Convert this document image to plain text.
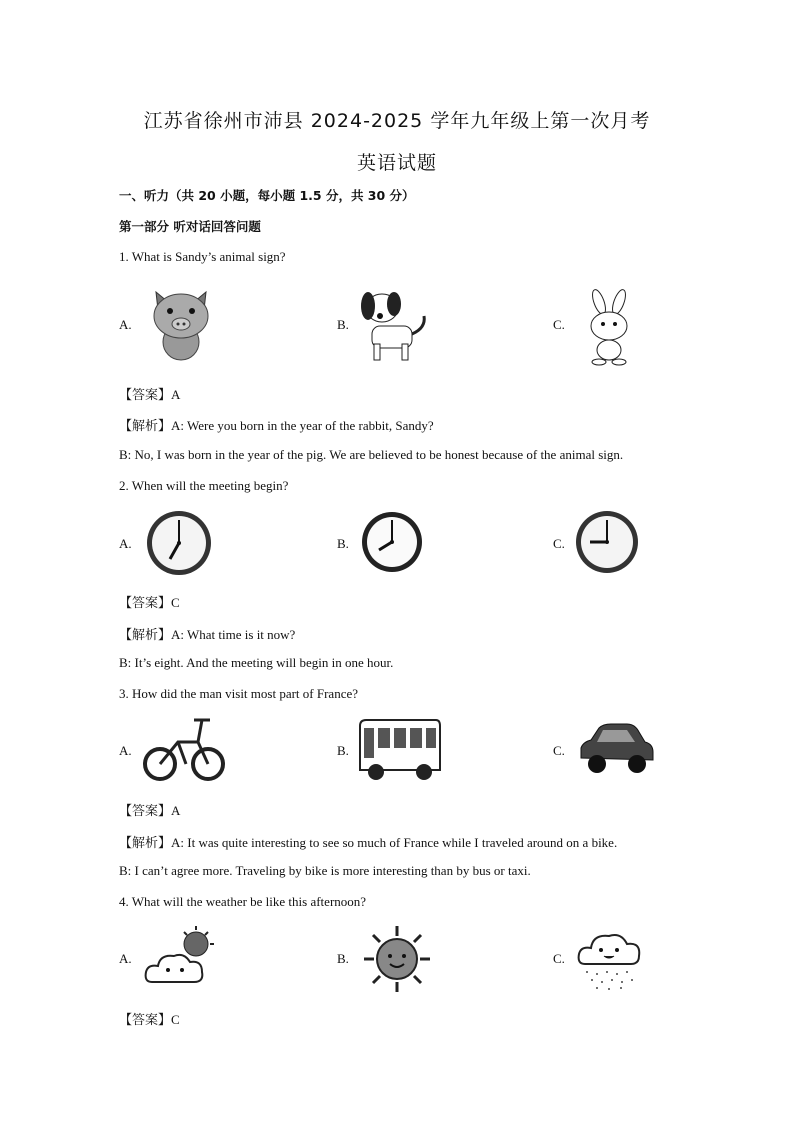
江苏省徐州市沛县 2024-2025 学年九年级上第一次月考
英语试题
一、听力（共 20 小题，每小题 1.5 分，共 30 分）
第一部分 听对话回答问题
1. What is Sandy’s animal sign?
A.	B.	C.
【答案】A
【解析】A: Were you born in the year of the rabbit, Sandy?
B: No, I was born in the year of the pig. We are believed to be honest because of the animal sign.
2. When will the meeting begin?
A.	B.	C.
【答案】C
【解析】A: What time is it now?
B: It’s eight. And the meeting will begin in one hour.
3. How did the man visit most part of France?
A.	B.	C.
【答案】A
【解析】A: It was quite interesting to see so much of France while I traveled around on a bike.
B: I can’t agree more. Traveling by bike is more interesting than by bus or taxi.
4. What will the weather be like this afternoon?
A.	B.	C.
【答案】C
